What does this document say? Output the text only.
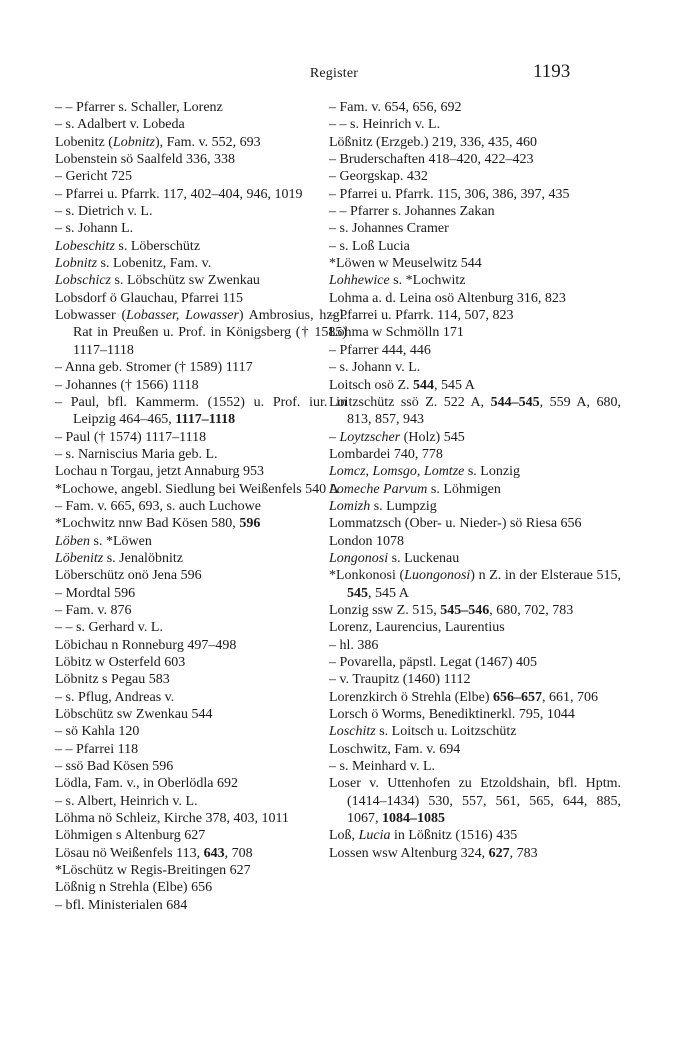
Register	1193

– – Pfarrer s. Schaller, Lorenz

– s. Adalbert v. Lobeda

Lobenitz (Lobnitz), Fam. v. 552, 693

Lobenstein sö Saalfeld 336, 338

– Gericht 725

– Pfarrei u. Pfarrk. 117, 402–404, 946, 1019

– s. Dietrich v. L.

– s. Johann L.

Lobeschitz s. Löberschütz

Lobnitz s. Lobenitz, Fam. v.

Lobschicz s. Löbschütz sw Zwenkau

Lobsdorf ö Glauchau, Pfarrei 115

Lobwasser (Lobasser, Lowasser) Ambrosius, hzgl. Rat in Preußen u. Prof. in Königsberg († 1585) 1117–1118

– Anna geb. Stromer († 1589) 1117

– Johannes († 1566) 1118

– Paul, bfl. Kammerm. (1552) u. Prof. iur. in Leipzig 464–465, 1117–1118

– Paul († 1574) 1117–1118

– s. Narniscius Maria geb. L.

Lochau n Torgau, jetzt Annaburg 953

*Lochowe, angebl. Siedlung bei Weißenfels 540 A

– Fam. v. 665, 693, s. auch Luchowe

*Lochwitz nnw Bad Kösen 580, 596

Löben s. *Löwen

Löbenitz s. Jenalöbnitz

Löberschütz onö Jena 596

– Mordtal 596

– Fam. v. 876

– – s. Gerhard v. L.

Löbichau n Ronneburg 497–498

Löbitz w Osterfeld 603

Löbnitz s Pegau 583

– s. Pflug, Andreas v.

Löbschütz sw Zwenkau 544

– sö Kahla 120

– – Pfarrei 118

– ssö Bad Kösen 596

Lödla, Fam. v., in Oberlödla 692

– s. Albert, Heinrich v. L.

Löhma nö Schleiz, Kirche 378, 403, 1011

Löhmigen s Altenburg 627

Lösau nö Weißenfels 113, 643, 708

*Löschütz w Regis-Breitingen 627

Lößnig n Strehla (Elbe) 656

– bfl. Ministerialen 684

– Fam. v. 654, 656, 692

– – s. Heinrich v. L.

Lößnitz (Erzgeb.) 219, 336, 435, 460

– Bruderschaften 418–420, 422–423

– Georgskap. 432

– Pfarrei u. Pfarrk. 115, 306, 386, 397, 435

– – Pfarrer s. Johannes Zakan

– s. Johannes Cramer

– s. Loß Lucia

*Löwen w Meuselwitz 544

Lohhewice s. *Lochwitz

Lohma a. d. Leina osö Altenburg 316, 823

– Pfarrei u. Pfarrk. 114, 507, 823

Lohma w Schmölln 171

– Pfarrer 444, 446

– s. Johann v. L.

Loitsch osö Z. 544, 545 A

Loitzschütz ssö Z. 522 A, 544–545, 559 A, 680, 813, 857, 943

– Loytzscher (Holz) 545

Lombardei 740, 778

Lomcz, Lomsgo, Lomtze s. Lonzig

Lomeche Parvum s. Löhmigen

Lomizh s. Lumpzig

Lommatzsch (Ober- u. Nieder-) sö Riesa 656

London 1078

Longonosi s. Luckenau

*Lonkonosi (Luongonosi) n Z. in der Elsteraue 515, 545, 545 A

Lonzig ssw Z. 515, 545–546, 680, 702, 783

Lorenz, Laurencius, Laurentius

– hl. 386

– Povarella, päpstl. Legat (1467) 405

– v. Traupitz (1460) 1112

Lorenzkirch ö Strehla (Elbe) 656–657, 661, 706

Lorsch ö Worms, Benediktinerkl. 795, 1044

Loschitz s. Loitsch u. Loitzschütz

Loschwitz, Fam. v. 694

– s. Meinhard v. L.

Loser v. Uttenhofen zu Etzoldshain, bfl. Hptm. (1414–1434) 530, 557, 561, 565, 644, 885, 1067, 1084–1085

Loß, Lucia in Lößnitz (1516) 435

Lossen wsw Altenburg 324, 627, 783
